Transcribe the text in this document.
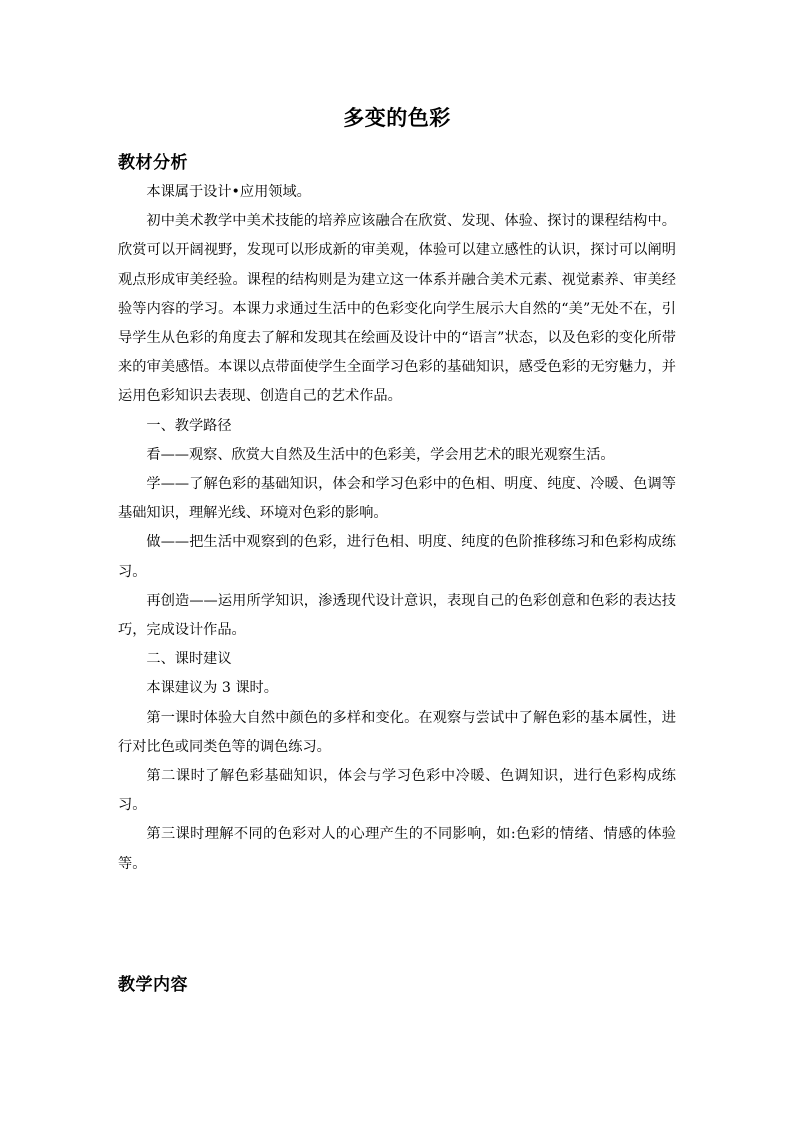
多变的色彩
教材分析

本课属于设计•应用领域。

初中美术教学中美术技能的培养应该融合在欣赏、发现、体验、探讨的课程结构中。欣赏可以开阔视野，发现可以形成新的审美观，体验可以建立感性的认识，探讨可以阐明观点形成审美经验。课程的结构则是为建立这一体系并融合美术元素、视觉素养、审美经验等内容的学习。本课力求通过生活中的色彩变化向学生展示大自然的“美”无处不在，引导学生从色彩的角度去了解和发现其在绘画及设计中的“语言”状态，以及色彩的变化所带来的审美感悟。本课以点带面使学生全面学习色彩的基础知识，感受色彩的无穷魅力，并运用色彩知识去表现、创造自己的艺术作品。

一、教学路径

看——观察、欣赏大自然及生活中的色彩美，学会用艺术的眼光观察生活。

学——了解色彩的基础知识，体会和学习色彩中的色相、明度、纯度、冷暖、色调等基础知识，理解光线、环境对色彩的影响。

做——把生活中观察到的色彩，进行色相、明度、纯度的色阶推移练习和色彩构成练习。

再创造——运用所学知识，渗透现代设计意识，表现自己的色彩创意和色彩的表达技巧，完成设计作品。

二、课时建议

本课建议为 3 课时。

第一课时体验大自然中颜色的多样和变化。在观察与尝试中了解色彩的基本属性，进行对比色或同类色等的调色练习。

第二课时了解色彩基础知识，体会与学习色彩中冷暖、色调知识，进行色彩构成练习。

第三课时理解不同的色彩对人的心理产生的不同影响，如:色彩的情绪、情感的体验等。

教学内容
